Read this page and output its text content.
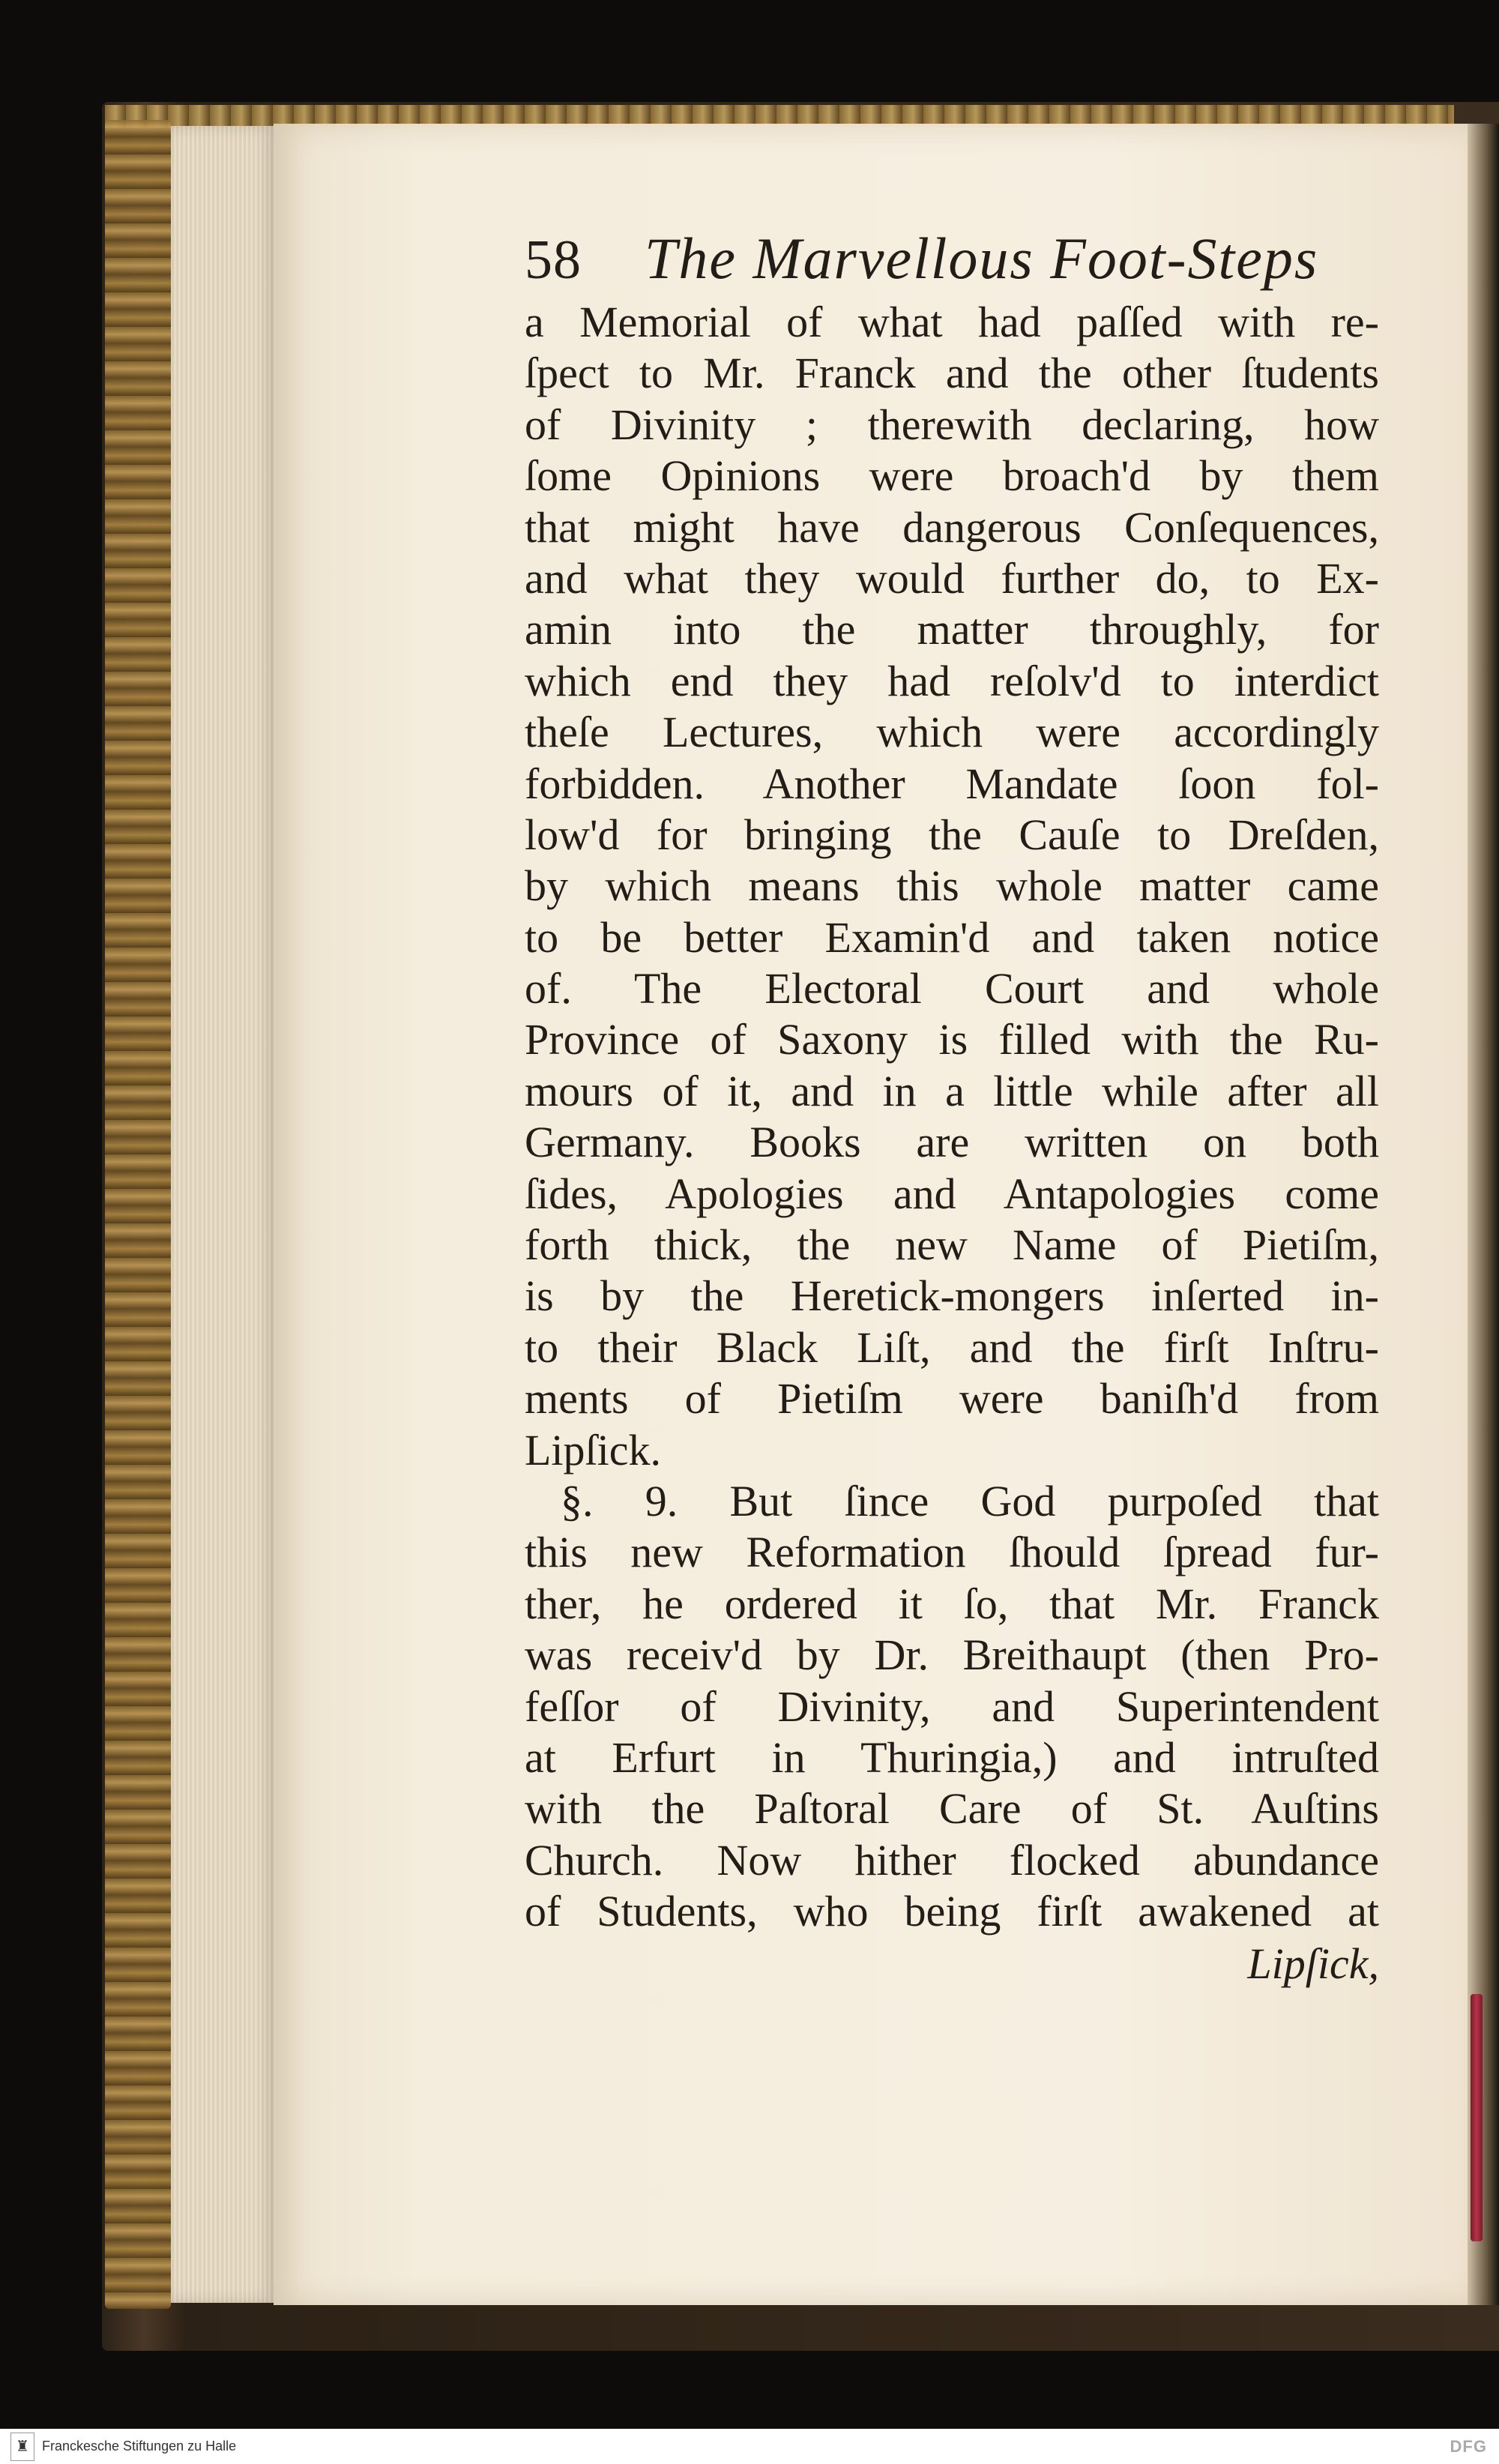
58	The Marvellous Foot-Steps
a Memorial of what had paſſed with re-
ſpect to Mr. Franck and the other ſtudents
of Divinity ; therewith declaring, how
ſome Opinions were broach'd by them
that might have dangerous Conſequences,
and what they would further do, to Ex-
amin into the matter throughly, for
which end they had reſolv'd to interdict
theſe Lectures, which were accordingly
forbidden. Another Mandate ſoon fol-
low'd for bringing the Cauſe to Dreſden,
by which means this whole matter came
to be better Examin'd and taken notice
of. The Electoral Court and whole
Province of Saxony is filled with the Ru-
mours of it, and in a little while after all
Germany. Books are written on both
ſides, Apologies and Antapologies come
forth thick, the new Name of Pietiſm,
is by the Heretick-mongers inſerted in-
to their Black Liſt, and the firſt Inſtru-
ments of Pietiſm were baniſh'd from
Lipſick.
§. 9. But ſince God purpoſed that
this new Reformation ſhould ſpread fur-
ther, he ordered it ſo, that Mr. Franck
was receiv'd by Dr. Breithaupt (then Pro-
feſſor of Divinity, and Superintendent
at Erfurt in Thuringia,) and intruſted
with the Paſtoral Care of St. Auſtins
Church. Now hither flocked abundance
of Students, who being firſt awakened at
Lipſick,
♜ Franckesche Stiftungen zu Halle	DFG
